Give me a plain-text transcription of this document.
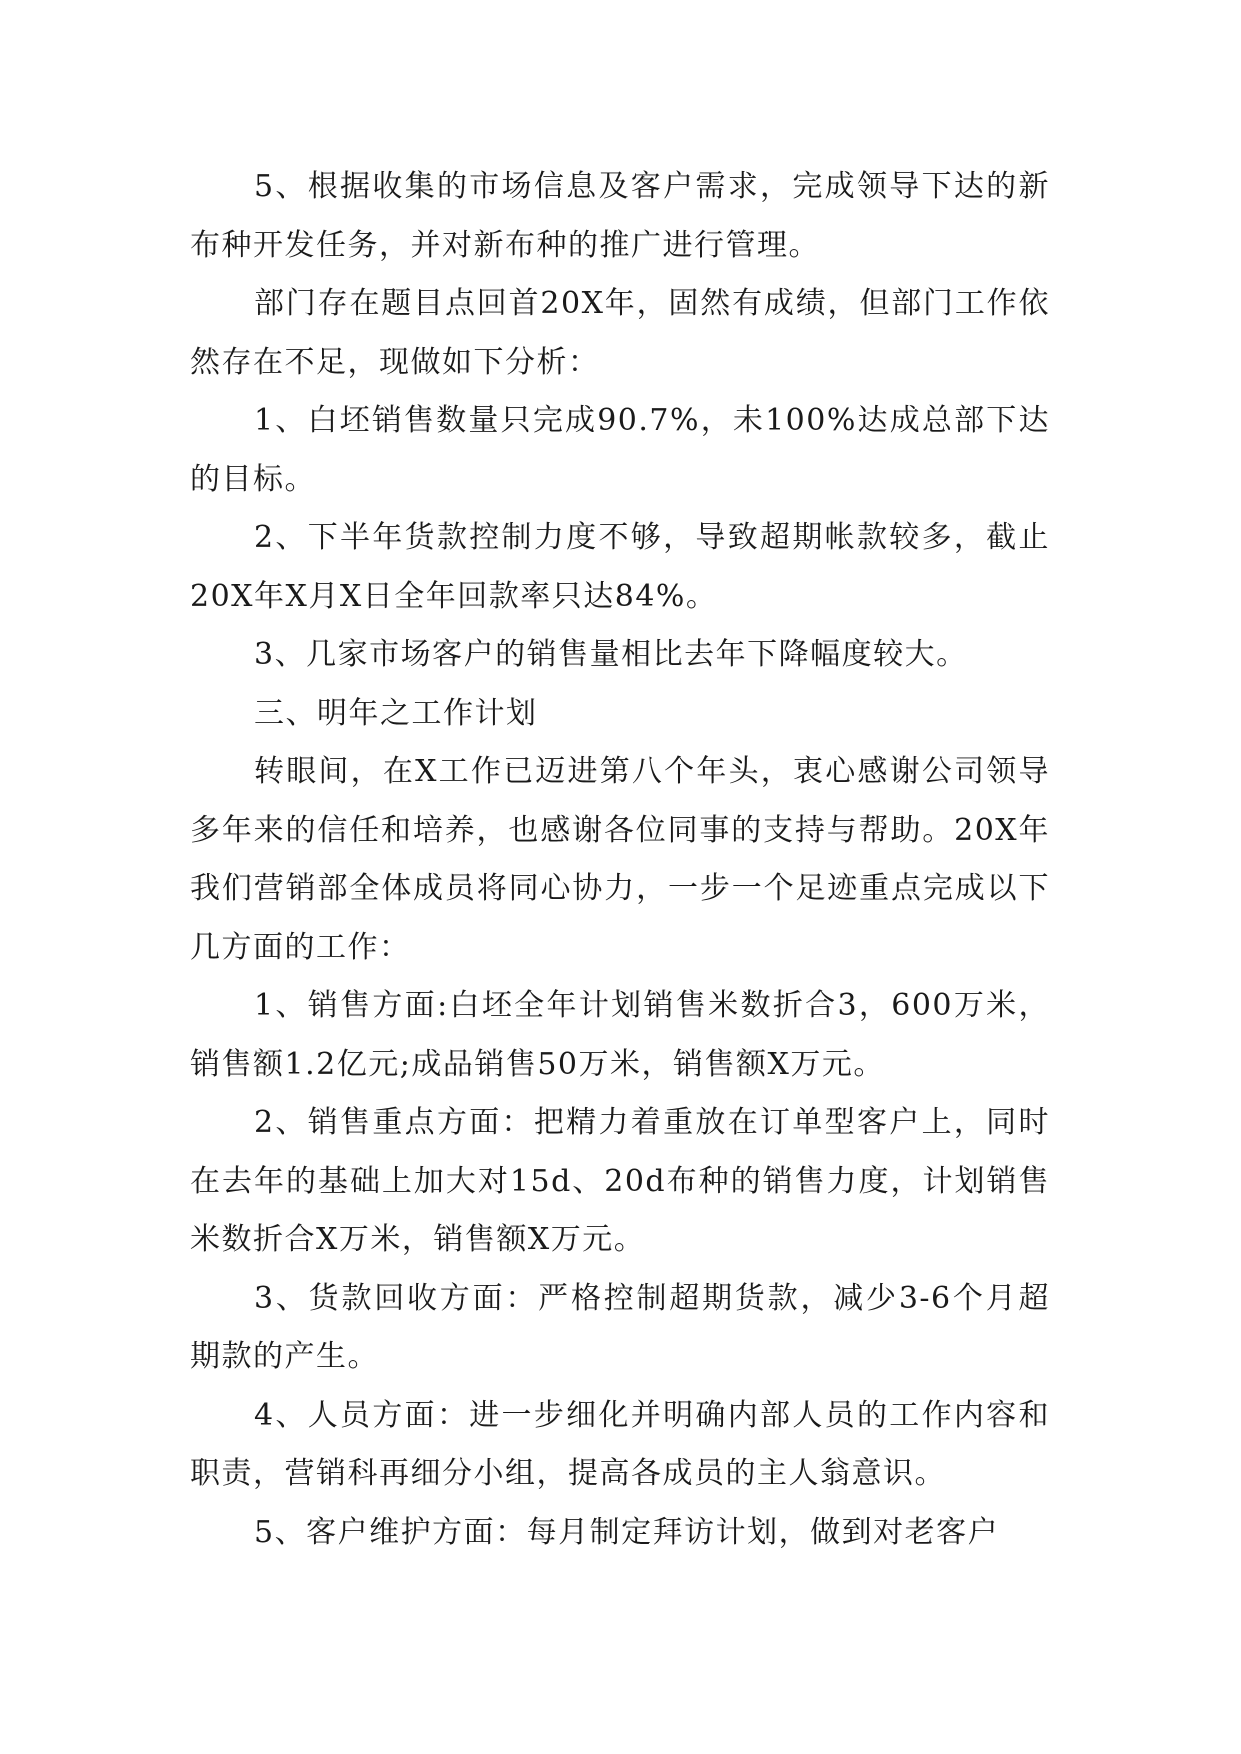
5、根据收集的市场信息及客户需求，完成领导下达的新布种开发任务，并对新布种的推广进行管理。

部门存在题目点回首20X年，固然有成绩，但部门工作依然存在不足，现做如下分析：

1、白坯销售数量只完成90.7%，未100%达成总部下达的目标。

2、下半年货款控制力度不够，导致超期帐款较多，截止20X年X月X日全年回款率只达84%。

3、几家市场客户的销售量相比去年下降幅度较大。

三、明年之工作计划

转眼间，在X工作已迈进第八个年头，衷心感谢公司领导多年来的信任和培养，也感谢各位同事的支持与帮助。20X年我们营销部全体成员将同心协力，一步一个足迹重点完成以下几方面的工作：

1、销售方面:白坯全年计划销售米数折合3，600万米，销售额1.2亿元;成品销售50万米，销售额X万元。

2、销售重点方面：把精力着重放在订单型客户上，同时在去年的基础上加大对15d、20d布种的销售力度，计划销售米数折合X万米，销售额X万元。

3、货款回收方面：严格控制超期货款，减少3-6个月超期款的产生。

4、人员方面：进一步细化并明确内部人员的工作内容和职责，营销科再细分小组，提高各成员的主人翁意识。

5、客户维护方面：每月制定拜访计划，做到对老客户
